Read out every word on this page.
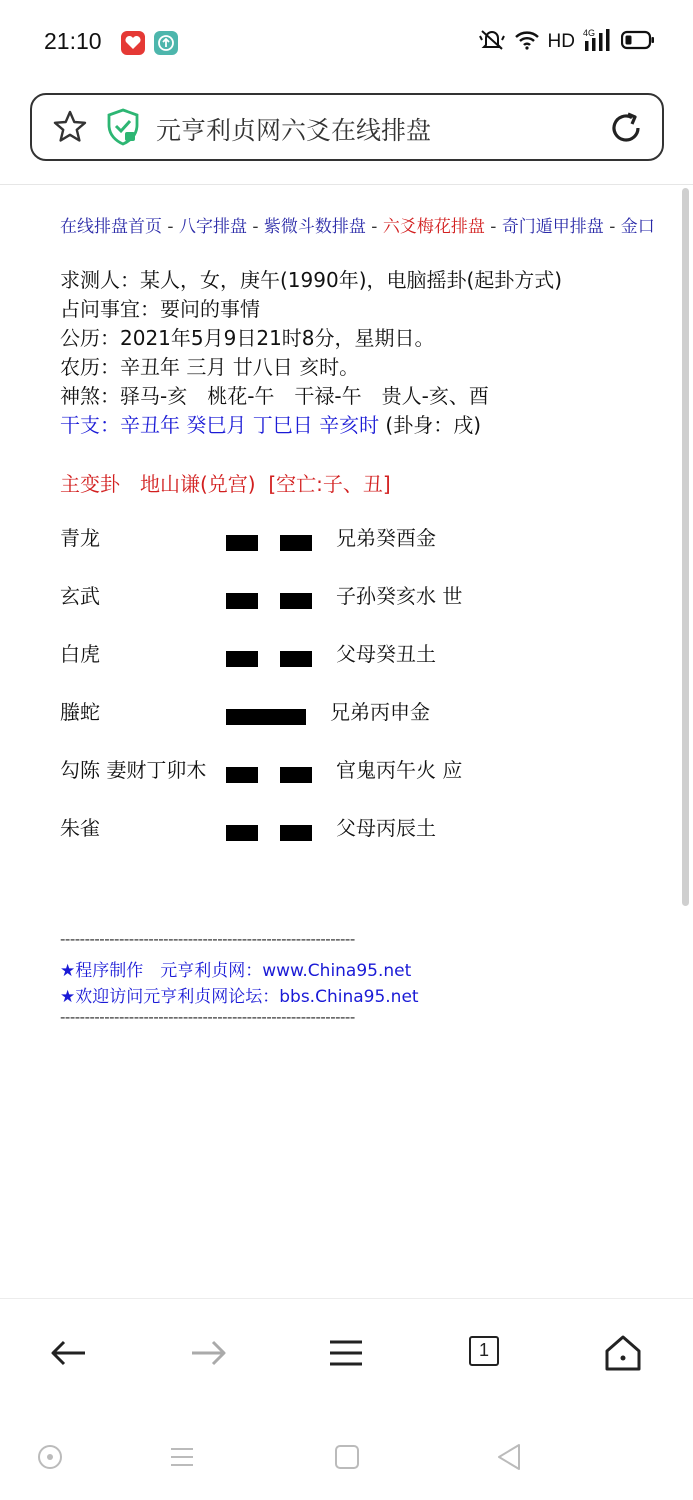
21:10	HD 4G
元亨利贞网六爻在线排盘
在线排盘首页 - 八字排盘 - 紫微斗数排盘 - 六爻梅花排盘 - 奇门遁甲排盘 - 金口
求测人：某人，女，庚午(1990年)，电脑摇卦(起卦方式)
占问事宜：要问的事情
公历：2021年5月9日21时8分，星期日。
农历：辛丑年 三月 廿八日 亥时。
神煞：驿马-亥　桃花-午　干禄-午　贵人-亥、酉
干支：辛丑年 癸巳月 丁巳日 辛亥时 (卦身：戌)
主变卦　地山谦(兑宫)  [空亡:子、丑]
青龙	兄弟癸酉金
玄武	子孙癸亥水 世
白虎	父母癸丑土
螣蛇	兄弟丙申金
勾陈 妻财丁卯木	官鬼丙午火 应
朱雀	父母丙辰土
------------------------------------------------------------
★程序制作　元亨利贞网：www.China95.net
★欢迎访问元亨利贞网论坛：bbs.China95.net
------------------------------------------------------------
1
